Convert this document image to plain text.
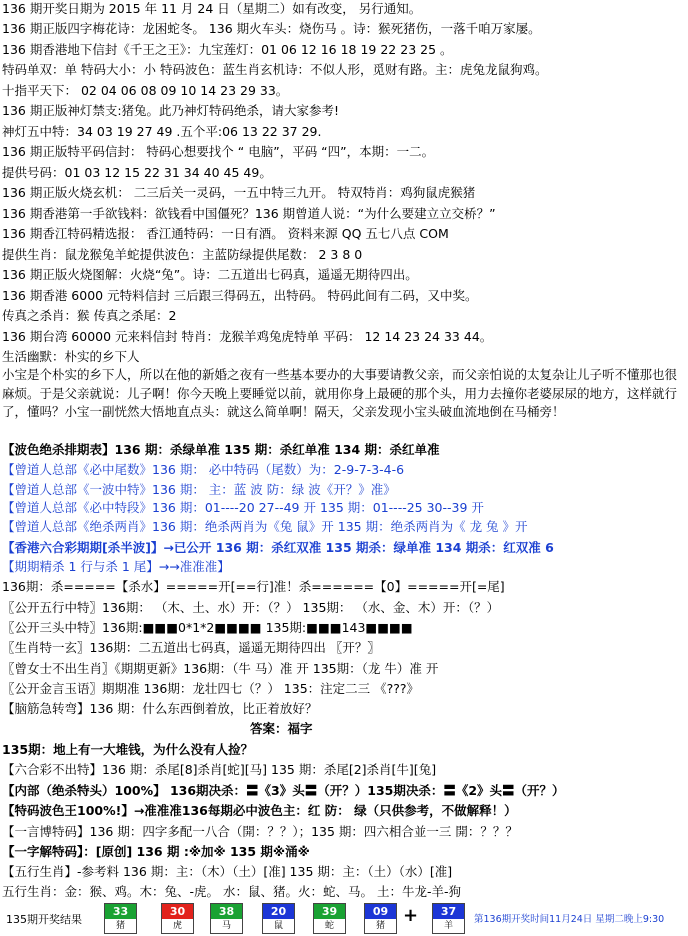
136 期开奖日期为 2015 年 11 月 24 日（星期二）如有改变， 另行通知。
136 期正版四字梅花诗：龙困蛇冬。 136 期火车头：烧伤马 。诗：猴死猪伤，一落千咱万家屡。
136 期香港地下信封《千王之王》：九宝莲灯：01 06 12 16 18 19 22 23 25 。
特码单双：单 特码大小：小 特码波色：蓝生肖玄机诗：不似人形，觅财有路。主：虎兔龙鼠狗鸡。
十指平天下： 02 04 06 08 09 10 14 23 29 33。
136 期正版神灯禁支:猪兔。此乃神灯特码绝杀，请大家参考!
神灯五中特：34 03 19 27 49 .五个平:06 13 22 37 29.
136 期正版特平码信封： 特码心想要找个 “ 电脑”，平码 “四”，本期：一二。
提供号码：01 03 12 15 22 31 34 40 45 49。
136 期正版火烧玄机： 二三后关一灵码，一五中特三九开。 特双特肖：鸡狗鼠虎猴猪
136 期香港第一手欲钱料：欲钱看中国僵死？136 期曾道人说：“为什么要建立立交桥？”
136 期香江特码精选报： 香江通特码：一日有酒。 资料来源 QQ 五七八点 COM
提供生肖：鼠龙猴兔羊蛇提供波色：主蓝防绿提供尾数： 2 3 8 0
136 期正版火烧图解：火烧“兔”。诗：二五道出七码真，遥遥无期待四出。
136 期香港 6000 元特料信封 三后跟三得码五，出特码。 特码此间有二码，又中奖。
传真之杀肖：猴 传真之杀尾：2
136 期台湾 60000 元来料信封 特肖：龙猴羊鸡兔虎特单 平码： 12 14 23 24 33 44。
生活幽默：朴实的乡下人
小宝是个朴实的乡下人，所以在他的新婚之夜有一些基本要办的大事要请教父亲，而父亲怕说的太复杂让儿子听不懂那也很麻烦。于是父亲就说：儿子啊！你今天晚上要睡觉以前，就用你身上最硬的那个头，用力去撞你老婆尿尿的地方，这样就行了，懂吗？小宝一副恍然大悟地直点头：就这么简单啊！隔天，父亲发现小宝头破血流地倒在马桶旁！
【波色绝杀排期表】136 期：杀绿单准 135 期：杀红单准 134 期：杀红单准
【曾道人总部《必中尾数》136 期： 必中特码（尾数）为：2-9-7-3-4-6
【曾道人总部《一波中特》136 期： 主：蓝 波 防：绿 波《开？》准》
【曾道人总部《必中特段》136 期：01----20 27--49 开 135 期：01----25 30--39 开
【曾道人总部《绝杀两肖》136 期：绝杀两肖为《兔 鼠》开 135 期：绝杀两肖为《 龙 兔 》开
【香港六合彩期期[杀半波]】→已公开 136 期：杀红双准 135 期杀：绿单准 134 期杀：红双准 6
【期期精杀 1 行与杀 1 尾】→→准准准】
136期：杀=====【杀水】=====开[==行]准！杀======【0】=====开[=尾]
〖公开五行中特〗136期： （木、土、水）开：（？） 135期： （水、金、木）开：（？）
〖公开三头中特〗136期:■■■0*1*2■■■■ 135期:■■■143■■■■
〖生肖特一玄〗136期：二五道出七码真，遥遥无期待四出 〖开？〗
〖曾女士不出生肖〗《期期更新》136期：（牛 马）准 开 135期：（龙 牛）准 开
〖公开金言玉语〗期期准 136期：龙壮四七（？） 135：注定二三 《???》
【脑筋急转弯】136 期：什么东西倒着放，比正着放好？
答案：福字
135期：地上有一大堆钱，为什么没有人捡？
【六合彩不出特】136 期：杀尾[8]杀肖[蛇][马] 135 期：杀尾[2]杀肖[牛][兔]
【内部（绝杀特头）100%】 136期决杀：〓《3》头〓（开？）135期决杀：〓《2》头〓（开？）
【特码波色王100%!】→准准准136每期必中波色主：红 防： 绿（只供参考，不做解释！）
【一言博特码】136 期：四字多配一八合（開：？？）；135 期：四六相合並一三 開：？？？
【一字解特码】：[原创] 136 期 :※加※ 135 期※涌※
【五行生肖】-参考料 136 期：主：（木）（土）[准] 135 期：主：（土）（水）[准]
五行生肖：金：猴、鸡。木：兔、-虎。 水：鼠、猪。火：蛇、马。 土：牛龙-羊-狗
135期开奖结果
33
猪
30
虎
38
马
20
鼠
39
蛇
09
猪	+	37
羊
第136期开奖时间11月24日 星期二晚上9:30
